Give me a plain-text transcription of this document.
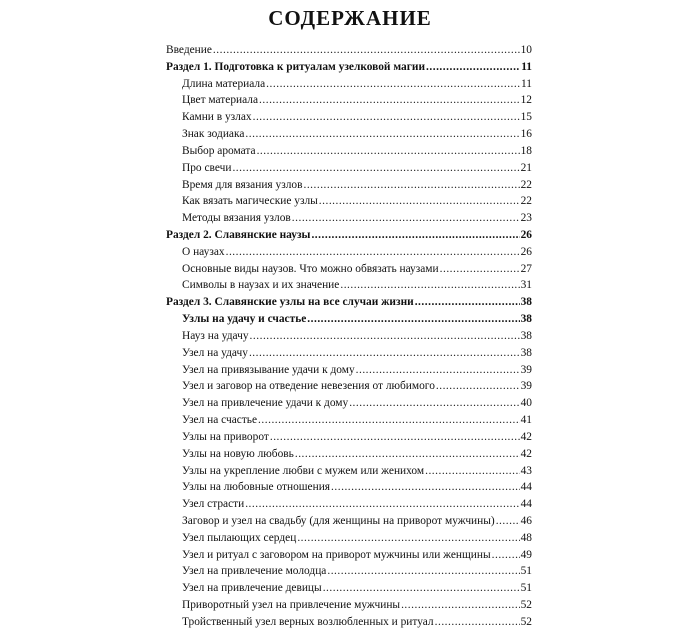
СОДЕРЖАНИЕ
Введение .....	10
Раздел 1. Подготовка к ритуалам узелковой магии .....	11
Длина материала .....	11
Цвет материала .....	12
Камни в узлах .....	15
Знак зодиака .....	16
Выбор аромата .....	18
Про свечи .....	21
Время для вязания узлов .....	22
Как вязать магические узлы .....	22
Методы вязания узлов .....	23
Раздел 2. Славянские наузы .....	26
О наузах .....	26
Основные виды наузов. Что можно обвязать наузами .....	27
Символы в наузах и их значение .....	31
Раздел 3. Славянские узлы на все случаи жизни .....	38
Узлы на удачу и счастье .....	38
Науз на удачу .....	38
Узел на удачу .....	38
Узел на привязывание удачи к дому .....	39
Узел и заговор на отведение невезения от любимого .....	39
Узел на привлечение удачи к дому .....	40
Узел на счастье .....	41
Узлы на приворот .....	42
Узлы на новую любовь .....	42
Узлы на укрепление любви с мужем или женихом .....	43
Узлы на любовные отношения .....	44
Узел страсти .....	44
Заговор и узел на свадьбу (для женщины на приворот мужчины) ..... 46
Узел пылающих сердец .....	48
Узел и ритуал с заговором на приворот мужчины или женщины .....	49
Узел на привлечение молодца .....	51
Узел на привлечение девицы .....	51
Приворотный узел на привлечение мужчины .....	52
Тройственный узел верных возлюбленных и ритуал .....	52
